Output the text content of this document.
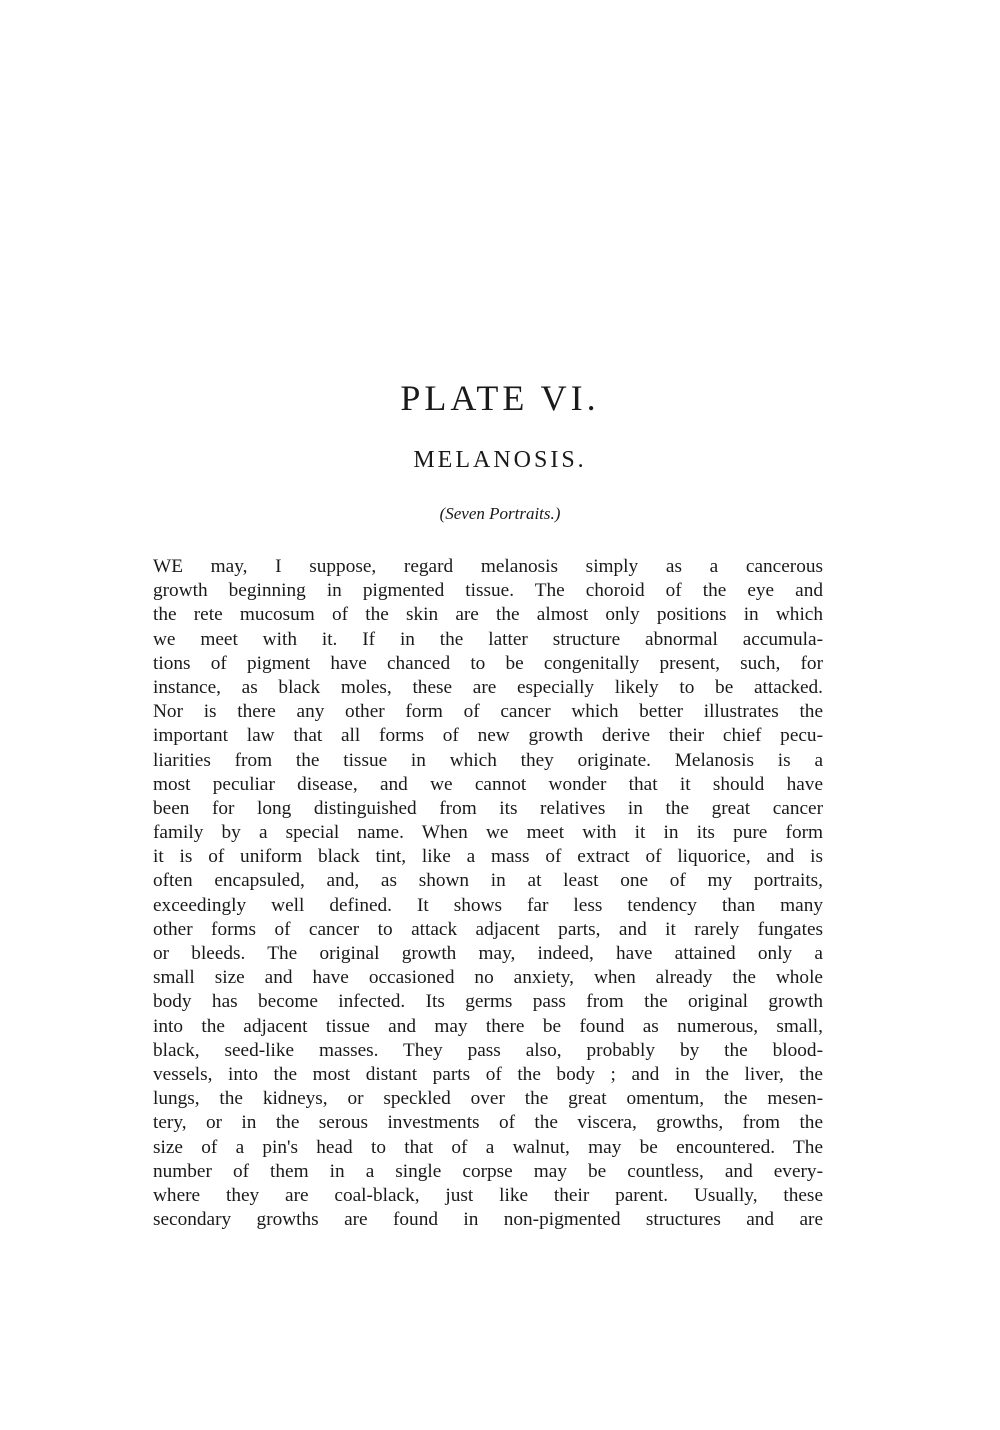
PLATE VI.
MELANOSIS.

(Seven Portraits.)

WE may, I suppose, regard melanosis simply as a cancerous
growth beginning in pigmented tissue. The choroid of the eye and
the rete mucosum of the skin are the almost only positions in which
we meet with it. If in the latter structure abnormal accumula-
tions of pigment have chanced to be congenitally present, such, for
instance, as black moles, these are especially likely to be attacked.
Nor is there any other form of cancer which better illustrates the
important law that all forms of new growth derive their chief pecu-
liarities from the tissue in which they originate. Melanosis is a
most peculiar disease, and we cannot wonder that it should have
been for long distinguished from its relatives in the great cancer
family by a special name. When we meet with it in its pure form
it is of uniform black tint, like a mass of extract of liquorice, and is
often encapsuled, and, as shown in at least one of my portraits,
exceedingly well defined. It shows far less tendency than many
other forms of cancer to attack adjacent parts, and it rarely fungates
or bleeds. The original growth may, indeed, have attained only a
small size and have occasioned no anxiety, when already the whole
body has become infected. Its germs pass from the original growth
into the adjacent tissue and may there be found as numerous, small,
black, seed-like masses. They pass also, probably by the blood-
vessels, into the most distant parts of the body ; and in the liver, the
lungs, the kidneys, or speckled over the great omentum, the mesen-
tery, or in the serous investments of the viscera, growths, from the
size of a pin's head to that of a walnut, may be encountered. The
number of them in a single corpse may be countless, and every-
where they are coal-black, just like their parent. Usually, these
secondary growths are found in non-pigmented structures and are
